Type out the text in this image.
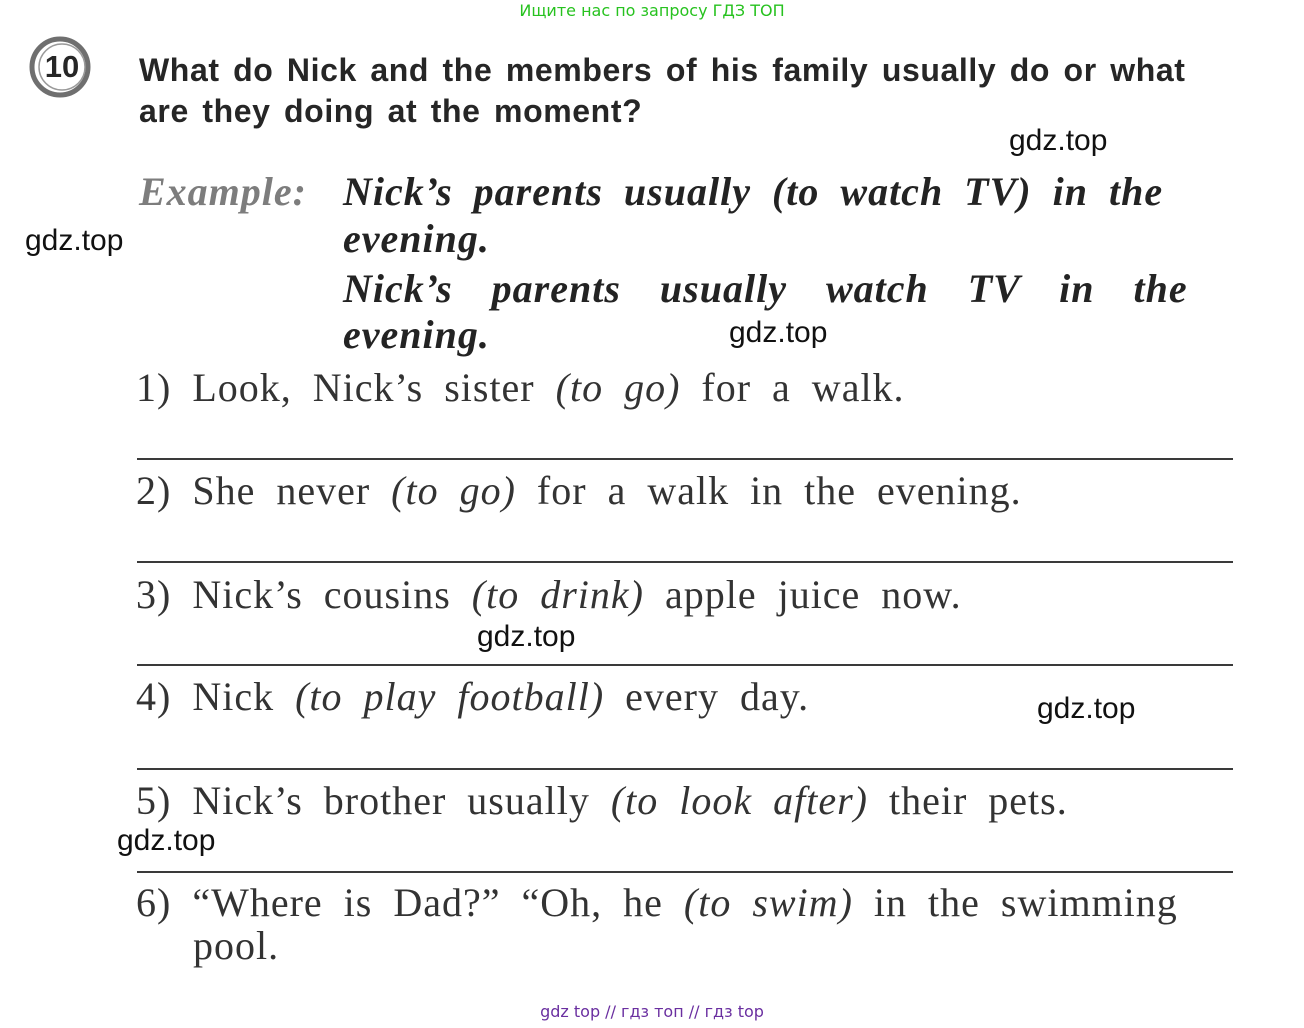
Ищите нас по запросу ГДЗ ТОП
10 What do Nick and the members of his family usually do or what are they doing at the moment?
Example: Nick’s parents usually (to watch TV) in the
evening.
Nick’s parents usually watch TV in the
evening.
1) Look, Nick’s sister (to go) for a walk.
2) She never (to go) for a walk in the evening.
3) Nick’s cousins (to drink) apple juice now.
4) Nick (to play football) every day.
5) Nick’s brother usually (to look after) their pets.
6) “Where is Dad?” “Oh, he (to swim) in the swimming
pool.
gdz.top
gdz.top
gdz.top
gdz.top
gdz.top
gdz.top
gdz top // гдз топ // гдз top
